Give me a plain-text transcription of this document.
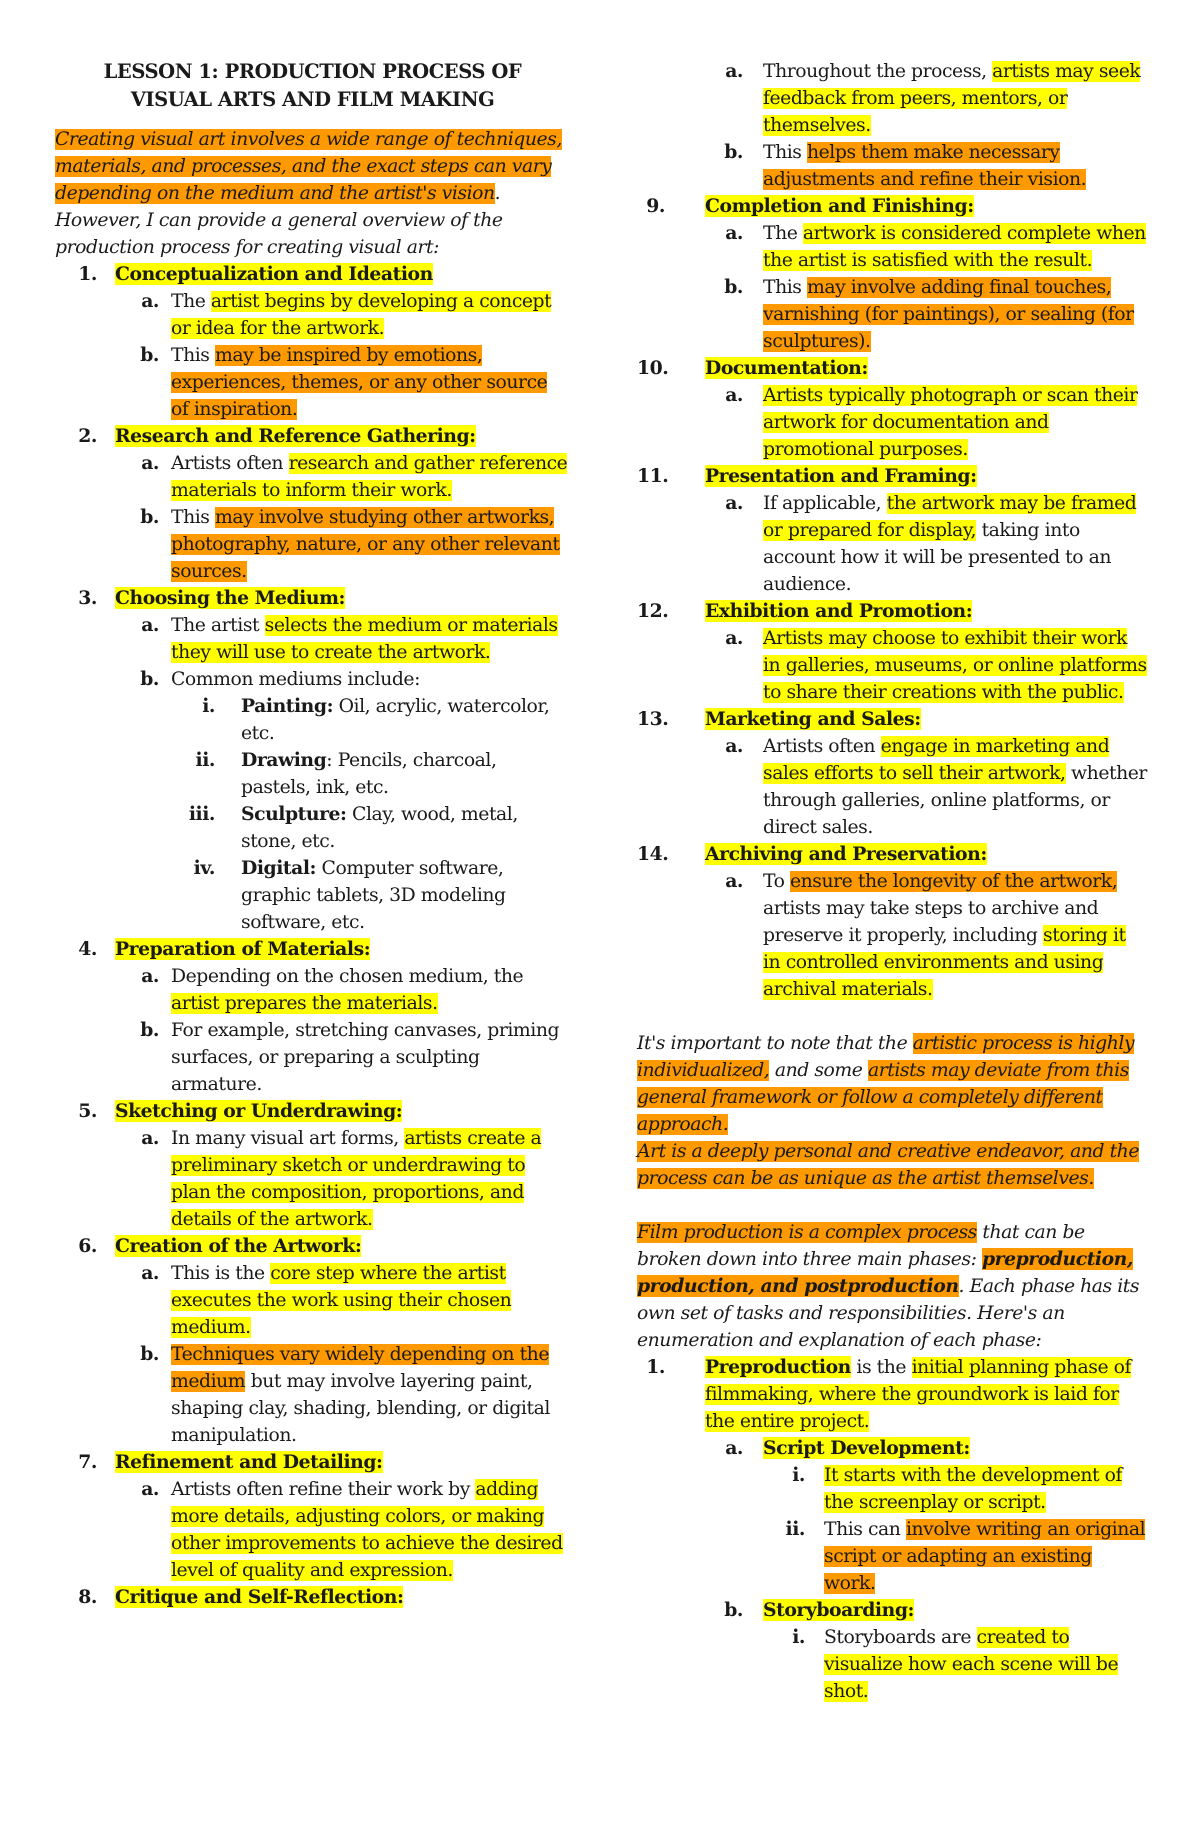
LESSON 1: PRODUCTION PROCESS OF
VISUAL ARTS AND FILM MAKING

Creating visual art involves a wide range of techniques, materials, and processes, and the exact steps can vary depending on the medium and the artist's vision. However, I can provide a general overview of the production process for creating visual art:

1. Conceptualization and Ideation
a. The artist begins by developing a concept or idea for the artwork.
b. This may be inspired by emotions, experiences, themes, or any other source of inspiration.
2. Research and Reference Gathering:
a. Artists often research and gather reference materials to inform their work.
b. This may involve studying other artworks, photography, nature, or any other relevant sources.
3. Choosing the Medium:
a. The artist selects the medium or materials they will use to create the artwork.
b. Common mediums include:
i. Painting: Oil, acrylic, watercolor, etc.
ii. Drawing: Pencils, charcoal, pastels, ink, etc.
iii. Sculpture: Clay, wood, metal, stone, etc.
iv. Digital: Computer software, graphic tablets, 3D modeling software, etc.
4. Preparation of Materials:
a. Depending on the chosen medium, the artist prepares the materials.
b. For example, stretching canvases, priming surfaces, or preparing a sculpting armature.
5. Sketching or Underdrawing:
a. In many visual art forms, artists create a preliminary sketch or underdrawing to plan the composition, proportions, and details of the artwork.
6. Creation of the Artwork:
a. This is the core step where the artist executes the work using their chosen medium.
b. Techniques vary widely depending on the medium but may involve layering paint, shaping clay, shading, blending, or digital manipulation.
7. Refinement and Detailing:
a. Artists often refine their work by adding more details, adjusting colors, or making other improvements to achieve the desired level of quality and expression.
8. Critique and Self-Reflection:
a. Throughout the process, artists may seek feedback from peers, mentors, or themselves.
b. This helps them make necessary adjustments and refine their vision.
9. Completion and Finishing:
a. The artwork is considered complete when the artist is satisfied with the result.
b. This may involve adding final touches, varnishing (for paintings), or sealing (for sculptures).
10. Documentation:
a. Artists typically photograph or scan their artwork for documentation and promotional purposes.
11. Presentation and Framing:
a. If applicable, the artwork may be framed or prepared for display, taking into account how it will be presented to an audience.
12. Exhibition and Promotion:
a. Artists may choose to exhibit their work in galleries, museums, or online platforms to share their creations with the public.
13. Marketing and Sales:
a. Artists often engage in marketing and sales efforts to sell their artwork, whether through galleries, online platforms, or direct sales.
14. Archiving and Preservation:
a. To ensure the longevity of the artwork, artists may take steps to archive and preserve it properly, including storing it in controlled environments and using archival materials.

It's important to note that the artistic process is highly individualized, and some artists may deviate from this general framework or follow a completely different approach.
Art is a deeply personal and creative endeavor, and the process can be as unique as the artist themselves.

Film production is a complex process that can be broken down into three main phases: preproduction, production, and postproduction. Each phase has its own set of tasks and responsibilities. Here's an enumeration and explanation of each phase:

1. Preproduction is the initial planning phase of filmmaking, where the groundwork is laid for the entire project.
a. Script Development:
i. It starts with the development of the screenplay or script.
ii. This can involve writing an original script or adapting an existing work.
b. Storyboarding:
i. Storyboards are created to visualize how each scene will be shot.
